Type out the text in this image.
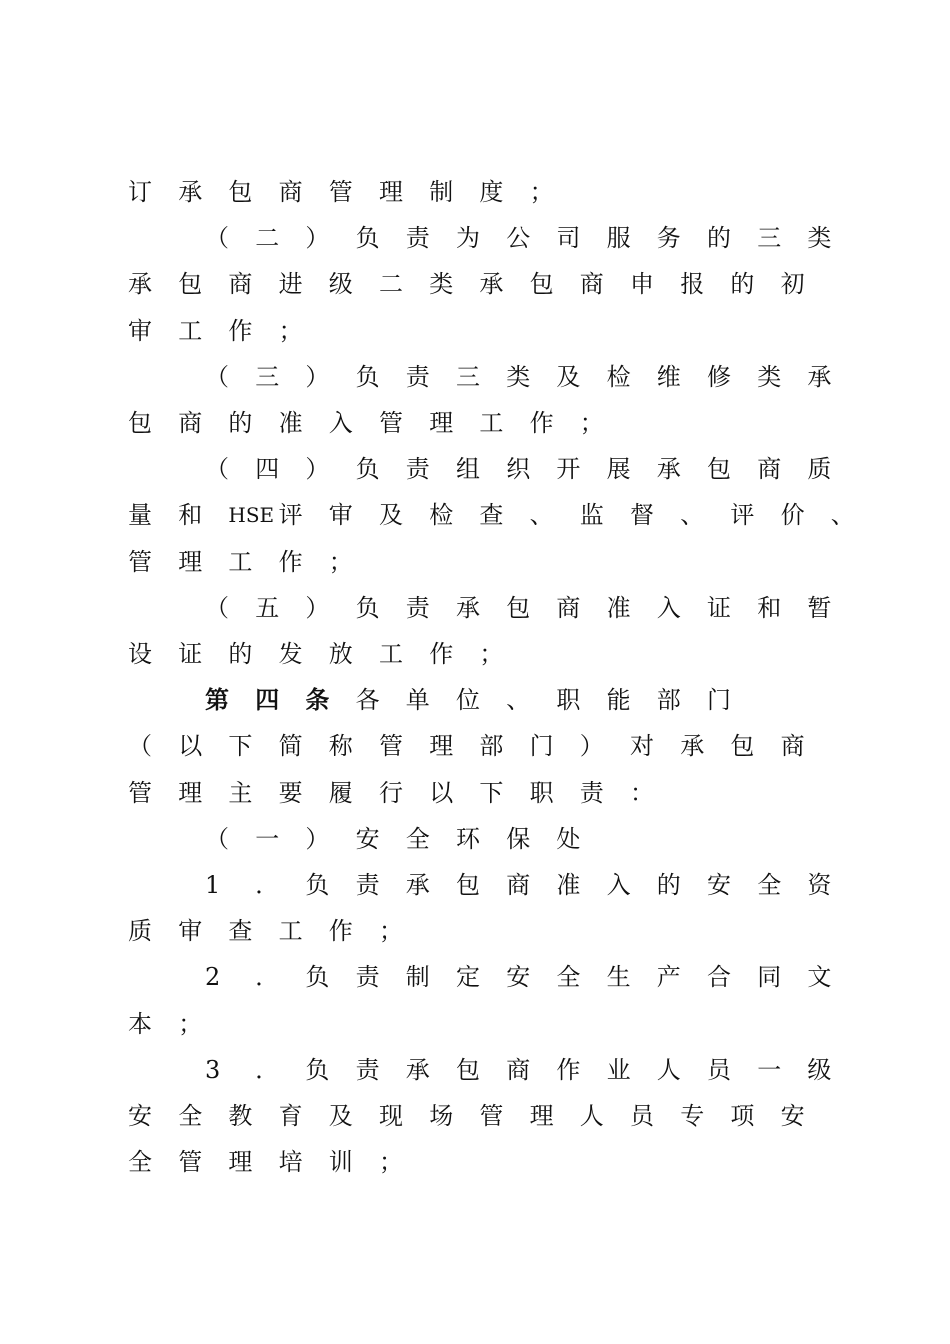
订 承 包 商 管 理 制 度 ；
（ 二 ） 负 责 为 公 司 服 务 的 三 类
承 包 商 进 级 二 类 承 包 商 申 报 的 初
审 工 作 ；
（ 三 ） 负 责 三 类 及 检 维 修 类 承
包 商 的 准 入 管 理 工 作 ；
（ 四 ） 负 责 组 织 开 展 承 包 商 质
量 和 HSE 评 审 及 检 查 、 监 督 、 评 价 、
管 理 工 作 ；
（ 五 ） 负 责 承 包 商 准 入 证 和 暂
设 证 的 发 放 工 作 ；
第 四 条 各 单 位 、 职 能 部 门
（ 以 下 简 称 管 理 部 门 ） 对 承 包 商
管 理 主 要 履 行 以 下 职 责 ：
（ 一 ） 安 全 环 保 处
1 ． 负 责 承 包 商 准 入 的 安 全 资
质 审 查 工 作 ；
2 ． 负 责 制 定 安 全 生 产 合 同 文
本 ；
3 ． 负 责 承 包 商 作 业 人 员 一 级
安 全 教 育 及 现 场 管 理 人 员 专 项 安
全 管 理 培 训 ；
